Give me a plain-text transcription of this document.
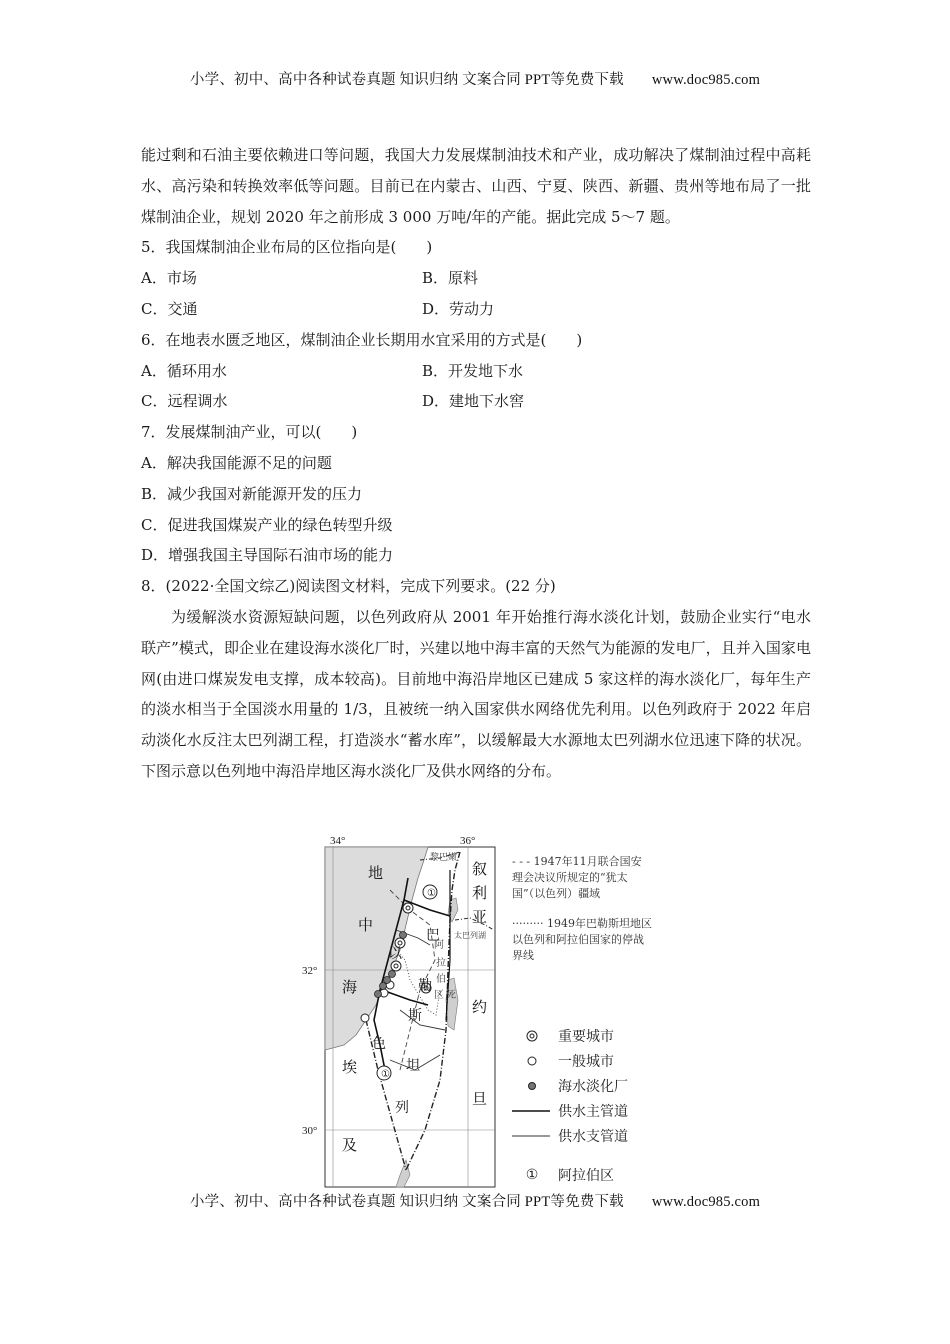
小学、初中、高中各种试卷真题 知识归纳 文案合同 PPT等免费下载 www.doc985.com

能过剩和石油主要依赖进口等问题，我国大力发展煤制油技术和产业，成功解决了煤制油过程中高耗水、高污染和转换效率低等问题。目前已在内蒙古、山西、宁夏、陕西、新疆、贵州等地布局了一批煤制油企业，规划 2020 年之前形成 3 000 万吨/年的产能。据此完成 5～7 题。

5．我国煤制油企业布局的区位指向是(　　)
A．市场	B．原料
C．交通	D．劳动力
6．在地表水匮乏地区，煤制油企业长期用水宜采用的方式是(　　)
A．循环用水	B．开发地下水
C．远程调水	D．建地下水窖
7．发展煤制油产业，可以(　　)
A．解决我国能源不足的问题
B．减少我国对新能源开发的压力
C．促进我国煤炭产业的绿色转型升级
D．增强我国主导国际石油市场的能力
8．(2022·全国文综乙)阅读图文材料，完成下列要求。(22 分)

为缓解淡水资源短缺问题，以色列政府从 2001 年开始推行海水淡化计划，鼓励企业实行“电水联产”模式，即企业在建设海水淡化厂时，兴建以地中海丰富的天然气为能源的发电厂，且并入国家电网(由进口煤炭发电支撑，成本较高)。目前地中海沿岸地区已建成 5 家这样的海水淡化厂，每年生产的淡水相当于全国淡水用量的 1/3，且被统一纳入国家供水网络优先利用。以色列政府于 2022 年启动淡化水反注太巴列湖工程，打造淡水“蓄水库”，以缓解最大水源地太巴列湖水位迅速下降的状况。下图示意以色列地中海沿岸地区海水淡化厂及供水网络的分布。

34°	36°
32°
30°
①
①
地
中
海
埃
及
叙
利
亚
约
旦
巴
勒
斯
坦
以
色
列
阿
拉
伯
区 死
黎巴嫩
太巴列湖
- - - 1947年11月联合国安理会决议所规定的“犹太国”（以色列）疆域
········· 1949年巴勒斯坦地区以色列和阿拉伯国家的停战界线
重要城市
一般城市
海水淡化厂
供水主管道
供水支管道
①	阿拉伯区
小学、初中、高中各种试卷真题 知识归纳 文案合同 PPT等免费下载 www.doc985.com
